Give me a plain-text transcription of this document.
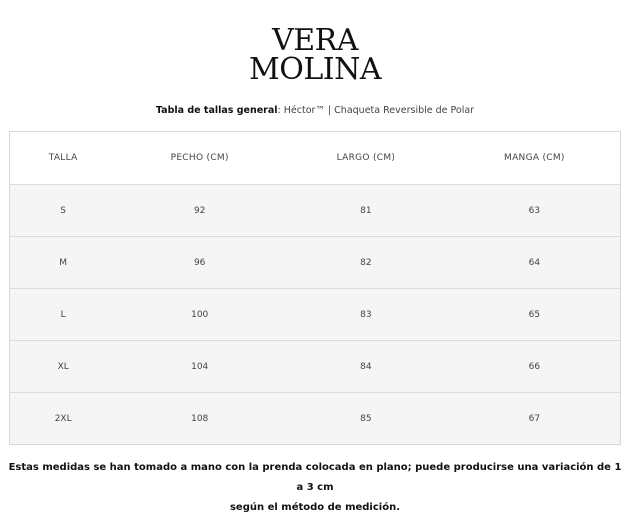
VERA
MOLINA
Tabla de tallas general: Héctor™ | Chaqueta Reversible de Polar
TALLA	PECHO (CM)	LARGO (CM)	MANGA (CM)
S	92	81	63
M	96	82	64
L	100	83	65
XL	104	84	66
2XL	108	85	67
Estas medidas se han tomado a mano con la prenda colocada en plano; puede producirse una variación de 1 a 3 cm
según el método de medición.
